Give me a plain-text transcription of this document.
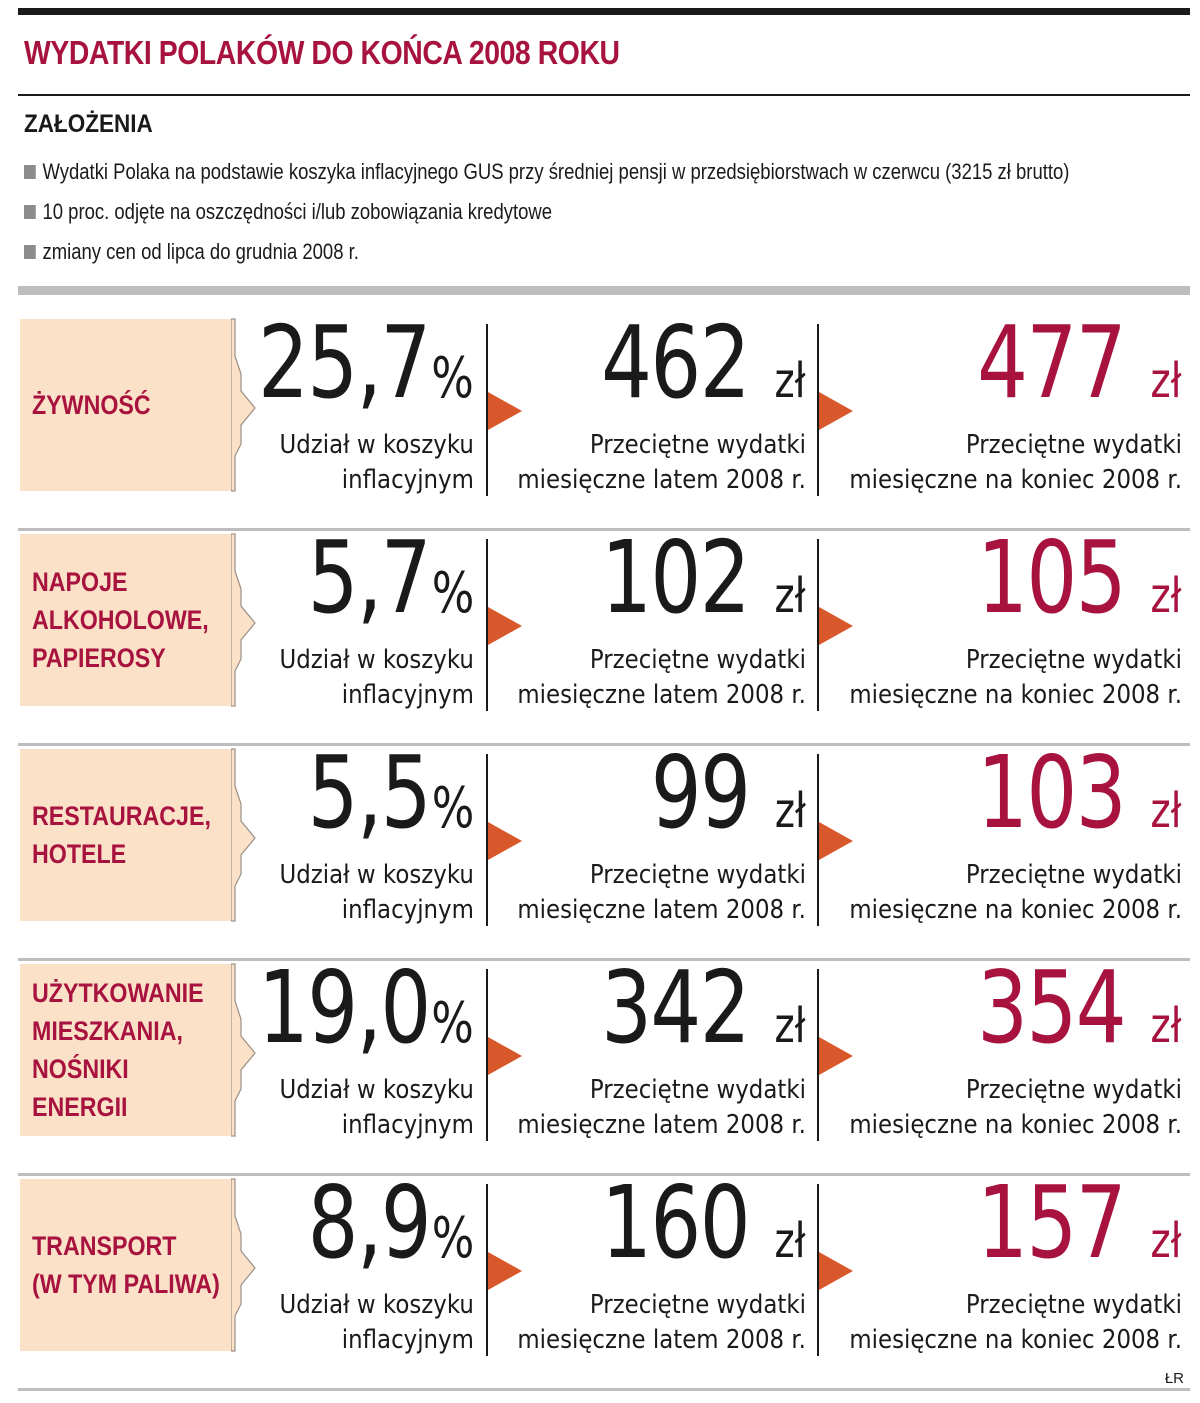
WYDATKI POLAKÓW DO KOŃCA 2008 ROKU
ZAŁOŻENIA
Wydatki Polaka na podstawie koszyka inflacyjnego GUS przy średniej pensji w przedsiębiorstwach w czerwcu (3215 zł brutto)
10 proc. odjęte na oszczędności i/lub zobowiązania kredytowe
zmiany cen od lipca do grudnia 2008 r.
ŻYWNOŚĆ	25,7%
Udział w koszyku
inflacyjnym
462 zł
Przeciętne wydatki
miesięczne latem 2008 r.
477 zł
Przeciętne wydatki
miesięczne na koniec 2008 r.
NAPOJE
ALKOHOLOWE,
PAPIEROSY
5,7%
Udział w koszyku
inflacyjnym
102 zł
Przeciętne wydatki
miesięczne latem 2008 r.
105 zł
Przeciętne wydatki
miesięczne na koniec 2008 r.
RESTAURACJE,
HOTELE
5,5%
Udział w koszyku
inflacyjnym
99 zł
Przeciętne wydatki
miesięczne latem 2008 r.
103 zł
Przeciętne wydatki
miesięczne na koniec 2008 r.
UŻYTKOWANIE
MIESZKANIA,
NOŚNIKI
ENERGII
19,0%
Udział w koszyku
inflacyjnym
342 zł
Przeciętne wydatki
miesięczne latem 2008 r.
354 zł
Przeciętne wydatki
miesięczne na koniec 2008 r.
TRANSPORT
(W TYM PALIWA)
8,9%
Udział w koszyku
inflacyjnym
160 zł
Przeciętne wydatki
miesięczne latem 2008 r.
157 zł
Przeciętne wydatki
miesięczne na koniec 2008 r.
ŁR
